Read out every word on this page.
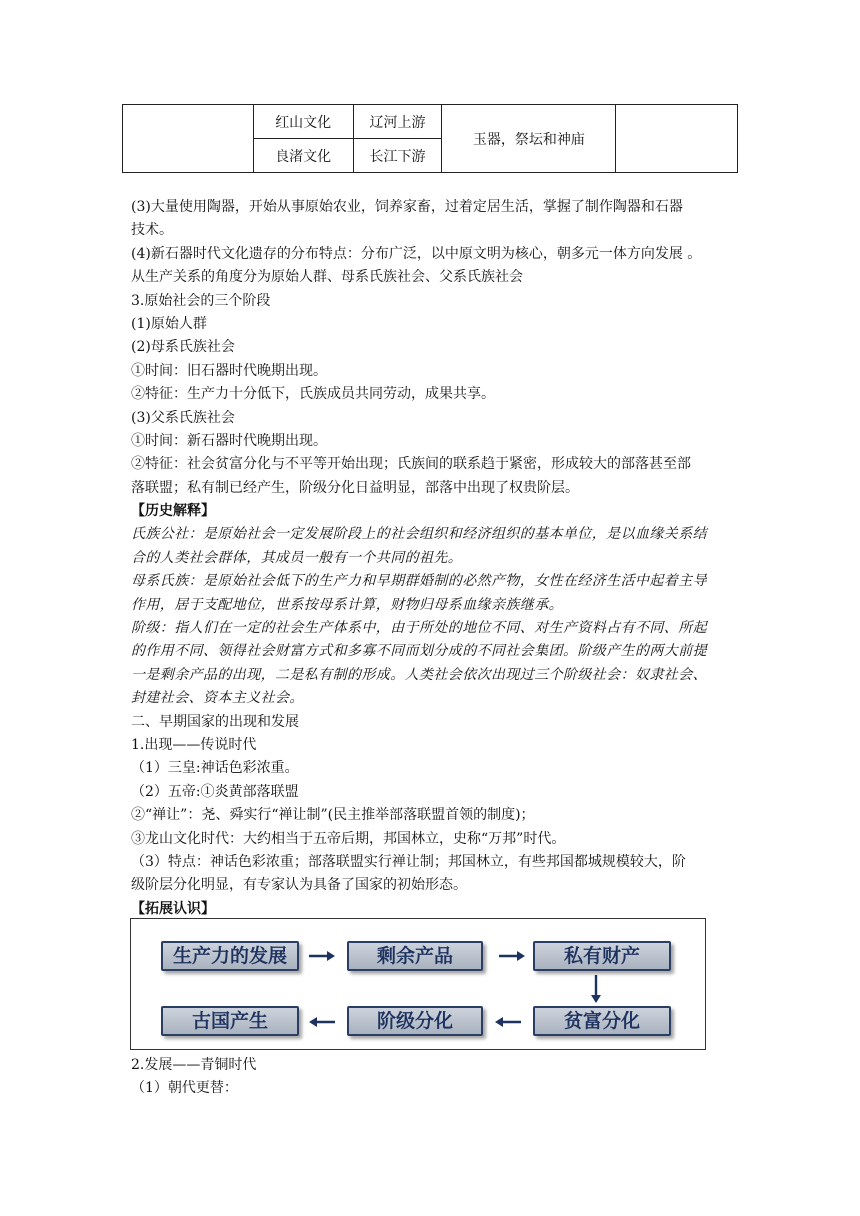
	红山文化	辽河上游	玉器，祭坛和神庙	
	良渚文化	长江下游		
(3)大量使用陶器，开始从事原始农业，饲养家畜，过着定居生活，掌握了制作陶器和石器
技术。
(4)新石器时代文化遗存的分布特点：分布广泛，以中原文明为核心，朝多元一体方向发展 。
从生产关系的角度分为原始人群、母系氏族社会、父系氏族社会
3.原始社会的三个阶段
(1)原始人群
(2)母系氏族社会
①时间：旧石器时代晚期出现。
②特征：生产力十分低下，氏族成员共同劳动，成果共享。
(3)父系氏族社会
①时间：新石器时代晚期出现。
②特征：社会贫富分化与不平等开始出现；氏族间的联系趋于紧密，形成较大的部落甚至部
落联盟；私有制已经产生，阶级分化日益明显，部落中出现了权贵阶层。
【历史解释】
氏族公社：是原始社会一定发展阶段上的社会组织和经济组织的基本单位，是以血缘关系结
合的人类社会群体，其成员一般有一个共同的祖先。
母系氏族：是原始社会低下的生产力和早期群婚制的必然产物，女性在经济生活中起着主导
作用，居于支配地位，世系按母系计算，财物归母系血缘亲族继承。
阶级：指人们在一定的社会生产体系中，由于所处的地位不同、对生产资料占有不同、所起
的作用不同、领得社会财富方式和多寡不同而划分成的不同社会集团。阶级产生的两大前提
一是剩余产品的出现，二是私有制的形成。人类社会依次出现过三个阶级社会：奴隶社会、
封建社会、资本主义社会。
二、早期国家的出现和发展
1.出现——传说时代
（1）三皇:神话色彩浓重。
（2）五帝:①炎黄部落联盟
②“禅让”：尧、舜实行“禅让制”(民主推举部落联盟首领的制度)；
③龙山文化时代：大约相当于五帝后期，邦国林立，史称“万邦”时代。
（3）特点：神话色彩浓重；部落联盟实行禅让制；邦国林立，有些邦国都城规模较大，阶
级阶层分化明显，有专家认为具备了国家的初始形态。
【拓展认识】
生产力的发展	剩余产品	私有财产
贫富分化
阶级分化
古国产生
2.发展——青铜时代
（1）朝代更替：
